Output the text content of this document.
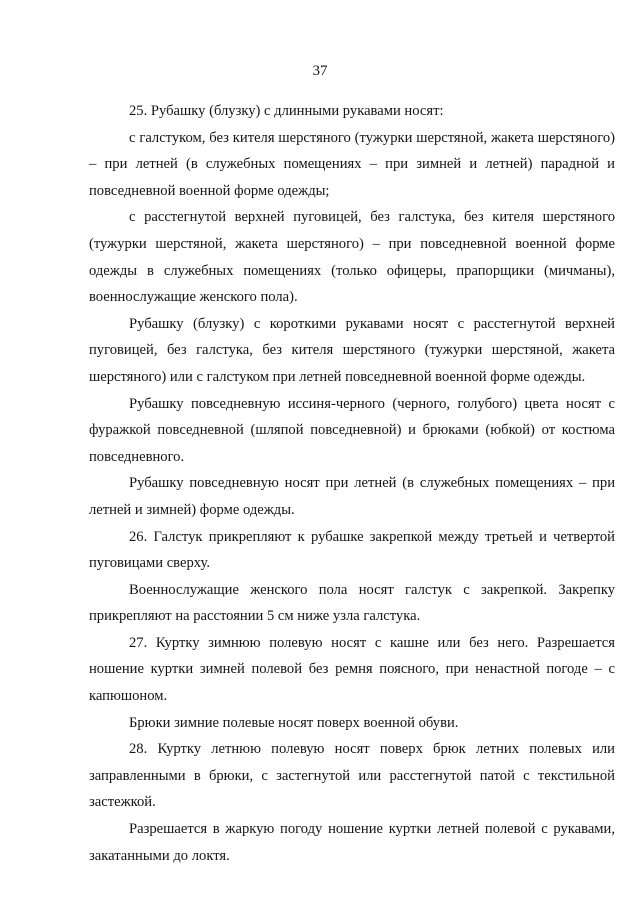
37

25. Рубашку (блузку) с длинными рукавами носят:

с галстуком, без кителя шерстяного (тужурки шерстяной, жакета шерстяного) – при летней (в служебных помещениях – при зимней и летней) парадной и повседневной военной форме одежды;

с расстегнутой верхней пуговицей, без галстука, без кителя шерстяного (тужурки шерстяной, жакета шерстяного) – при повседневной военной форме одежды в служебных помещениях (только офицеры, прапорщики (мичманы), военнослужащие женского пола).

Рубашку (блузку) с короткими рукавами носят с расстегнутой верхней пуговицей, без галстука, без кителя шерстяного (тужурки шерстяной, жакета шерстяного) или с галстуком при летней повседневной военной форме одежды.

Рубашку повседневную иссиня-черного (черного, голубого) цвета носят с фуражкой повседневной (шляпой повседневной) и брюками (юбкой) от костюма повседневного.

Рубашку повседневную носят при летней (в служебных помещениях – при летней и зимней) форме одежды.

26. Галстук прикрепляют к рубашке закрепкой между третьей и четвертой пуговицами сверху.

Военнослужащие женского пола носят галстук с закрепкой. Закрепку прикрепляют на расстоянии 5 см ниже узла галстука.

27. Куртку зимнюю полевую носят с кашне или без него. Разрешается ношение куртки зимней полевой без ремня поясного, при ненастной погоде – с капюшоном.

Брюки зимние полевые носят поверх военной обуви.

28. Куртку летнюю полевую носят поверх брюк летних полевых или заправленными в брюки, с застегнутой или расстегнутой патой с текстильной застежкой.

Разрешается в жаркую погоду ношение куртки летней полевой с рукавами, закатанными до локтя.
